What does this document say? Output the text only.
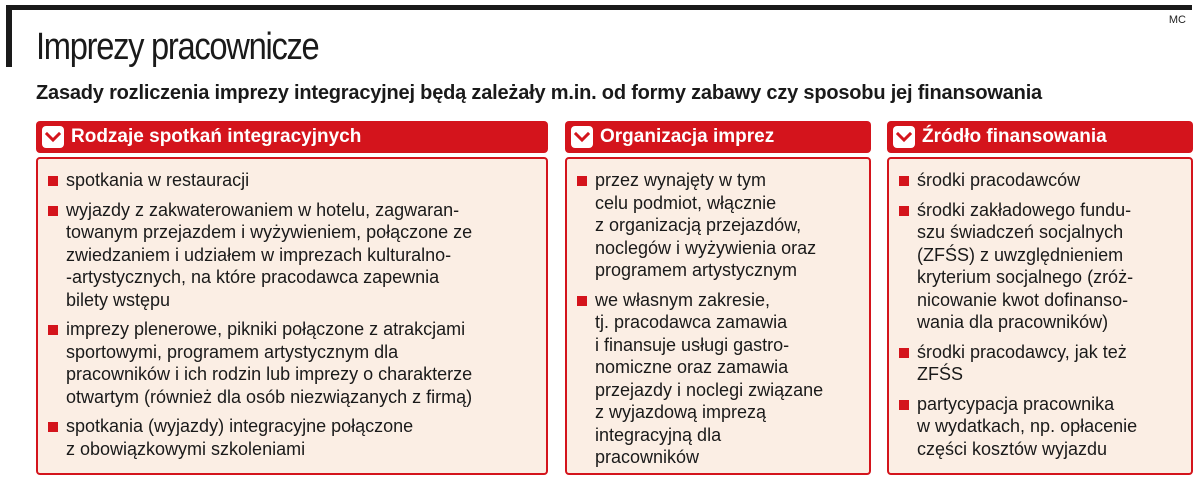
MC
Imprezy pracownicze
Zasady rozliczenia imprezy integracyjnej będą zależały m.in. od formy zabawy czy sposobu jej finansowania
Rodzaje spotkań integracyjnych
spotkania w restauracji
wyjazdy z zakwaterowaniem w hotelu, zagwaran-
towanym przejazdem i wyżywieniem, połączone ze
zwiedzaniem i udziałem w imprezach kulturalno-
-artystycznych, na które pracodawca zapewnia
bilety wstępu
imprezy plenerowe, pikniki połączone z atrakcjami
sportowymi, programem artystycznym dla
pracowników i ich rodzin lub imprezy o charakterze
otwartym (również dla osób niezwiązanych z firmą)
spotkania (wyjazdy) integracyjne połączone
z obowiązkowymi szkoleniami
Organizacja imprez
przez wynajęty w tym
celu podmiot, włącznie
z organizacją przejazdów,
noclegów i wyżywienia oraz
programem artystycznym
we własnym zakresie,
tj. pracodawca zamawia
i finansuje usługi gastro-
nomiczne oraz zamawia
przejazdy i noclegi związane
z wyjazdową imprezą
integracyjną dla
pracowników
Źródło finansowania
środki pracodawców
środki zakładowego fundu-
szu świadczeń socjalnych
(ZFŚS) z uwzględnieniem
kryterium socjalnego (zróż-
nicowanie kwot dofinanso-
wania dla pracowników)
środki pracodawcy, jak też
ZFŚS
partycypacja pracownika
w wydatkach, np. opłacenie
części kosztów wyjazdu
